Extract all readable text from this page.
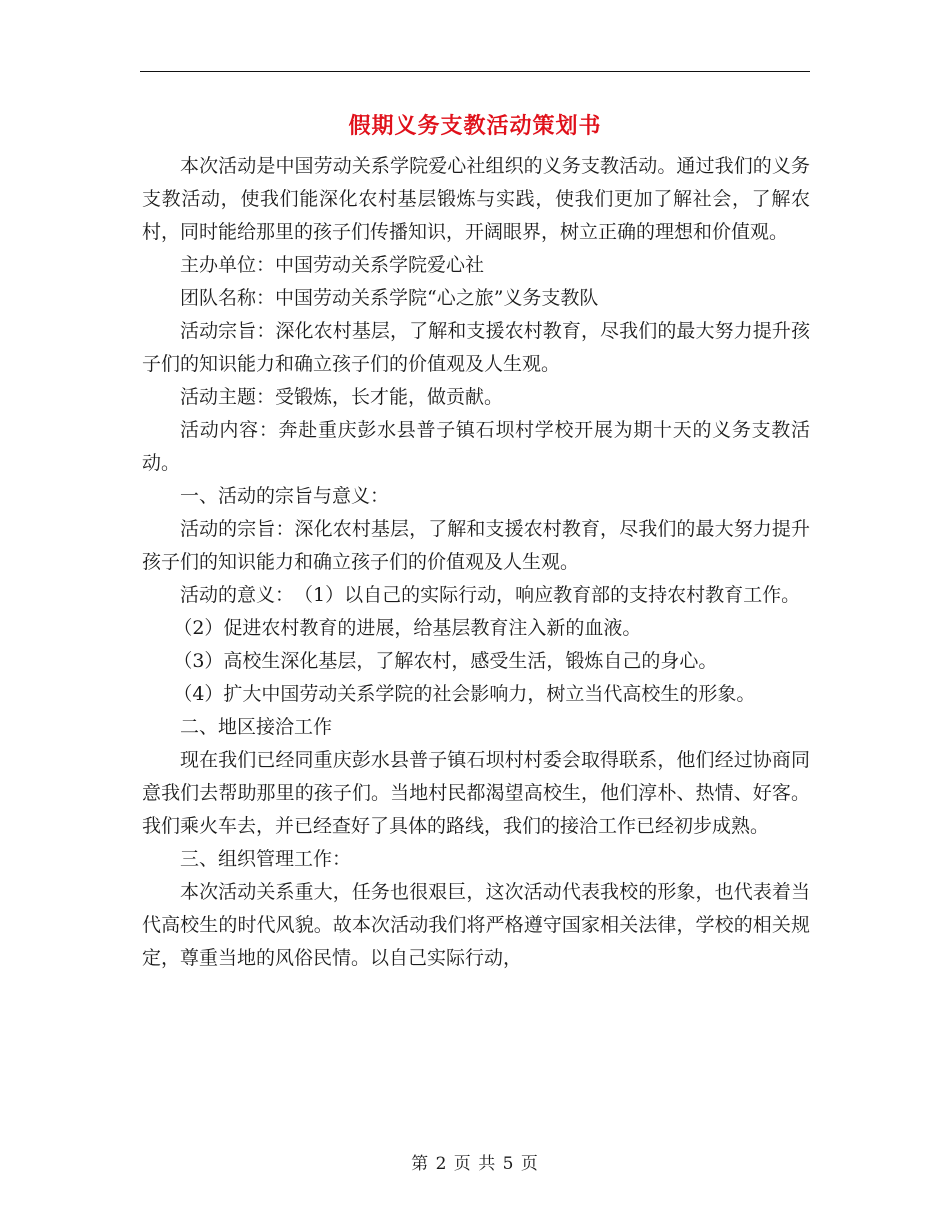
假期义务支教活动策划书

本次活动是中国劳动关系学院爱心社组织的义务支教活动。通过我们的义务支教活动，使我们能深化农村基层锻炼与实践，使我们更加了解社会，了解农村，同时能给那里的孩子们传播知识，开阔眼界，树立正确的理想和价值观。

主办单位：中国劳动关系学院爱心社

团队名称：中国劳动关系学院“心之旅”义务支教队

活动宗旨：深化农村基层，了解和支援农村教育，尽我们的最大努力提升孩子们的知识能力和确立孩子们的价值观及人生观。

活动主题：受锻炼，长才能，做贡献。

活动内容：奔赴重庆彭水县普子镇石坝村学校开展为期十天的义务支教活动。

一、活动的宗旨与意义：

活动的宗旨：深化农村基层，了解和支援农村教育，尽我们的最大努力提升孩子们的知识能力和确立孩子们的价值观及人生观。

活动的意义：　（1）以自己的实际行动，响应教育部的支持农村教育工作。

（2）促进农村教育的进展，给基层教育注入新的血液。

（3）高校生深化基层，了解农村，感受生活，锻炼自己的身心。

（4）扩大中国劳动关系学院的社会影响力，树立当代高校生的形象。

二、地区接洽工作

现在我们已经同重庆彭水县普子镇石坝村村委会取得联系，他们经过协商同意我们去帮助那里的孩子们。当地村民都渴望高校生，他们淳朴、热情、好客。我们乘火车去，并已经查好了具体的路线，我们的接洽工作已经初步成熟。

三、组织管理工作：

本次活动关系重大，任务也很艰巨，这次活动代表我校的形象，也代表着当代高校生的时代风貌。故本次活动我们将严格遵守国家相关法律，学校的相关规定，尊重当地的风俗民情。以自己实际行动，

第 2 页 共 5 页
